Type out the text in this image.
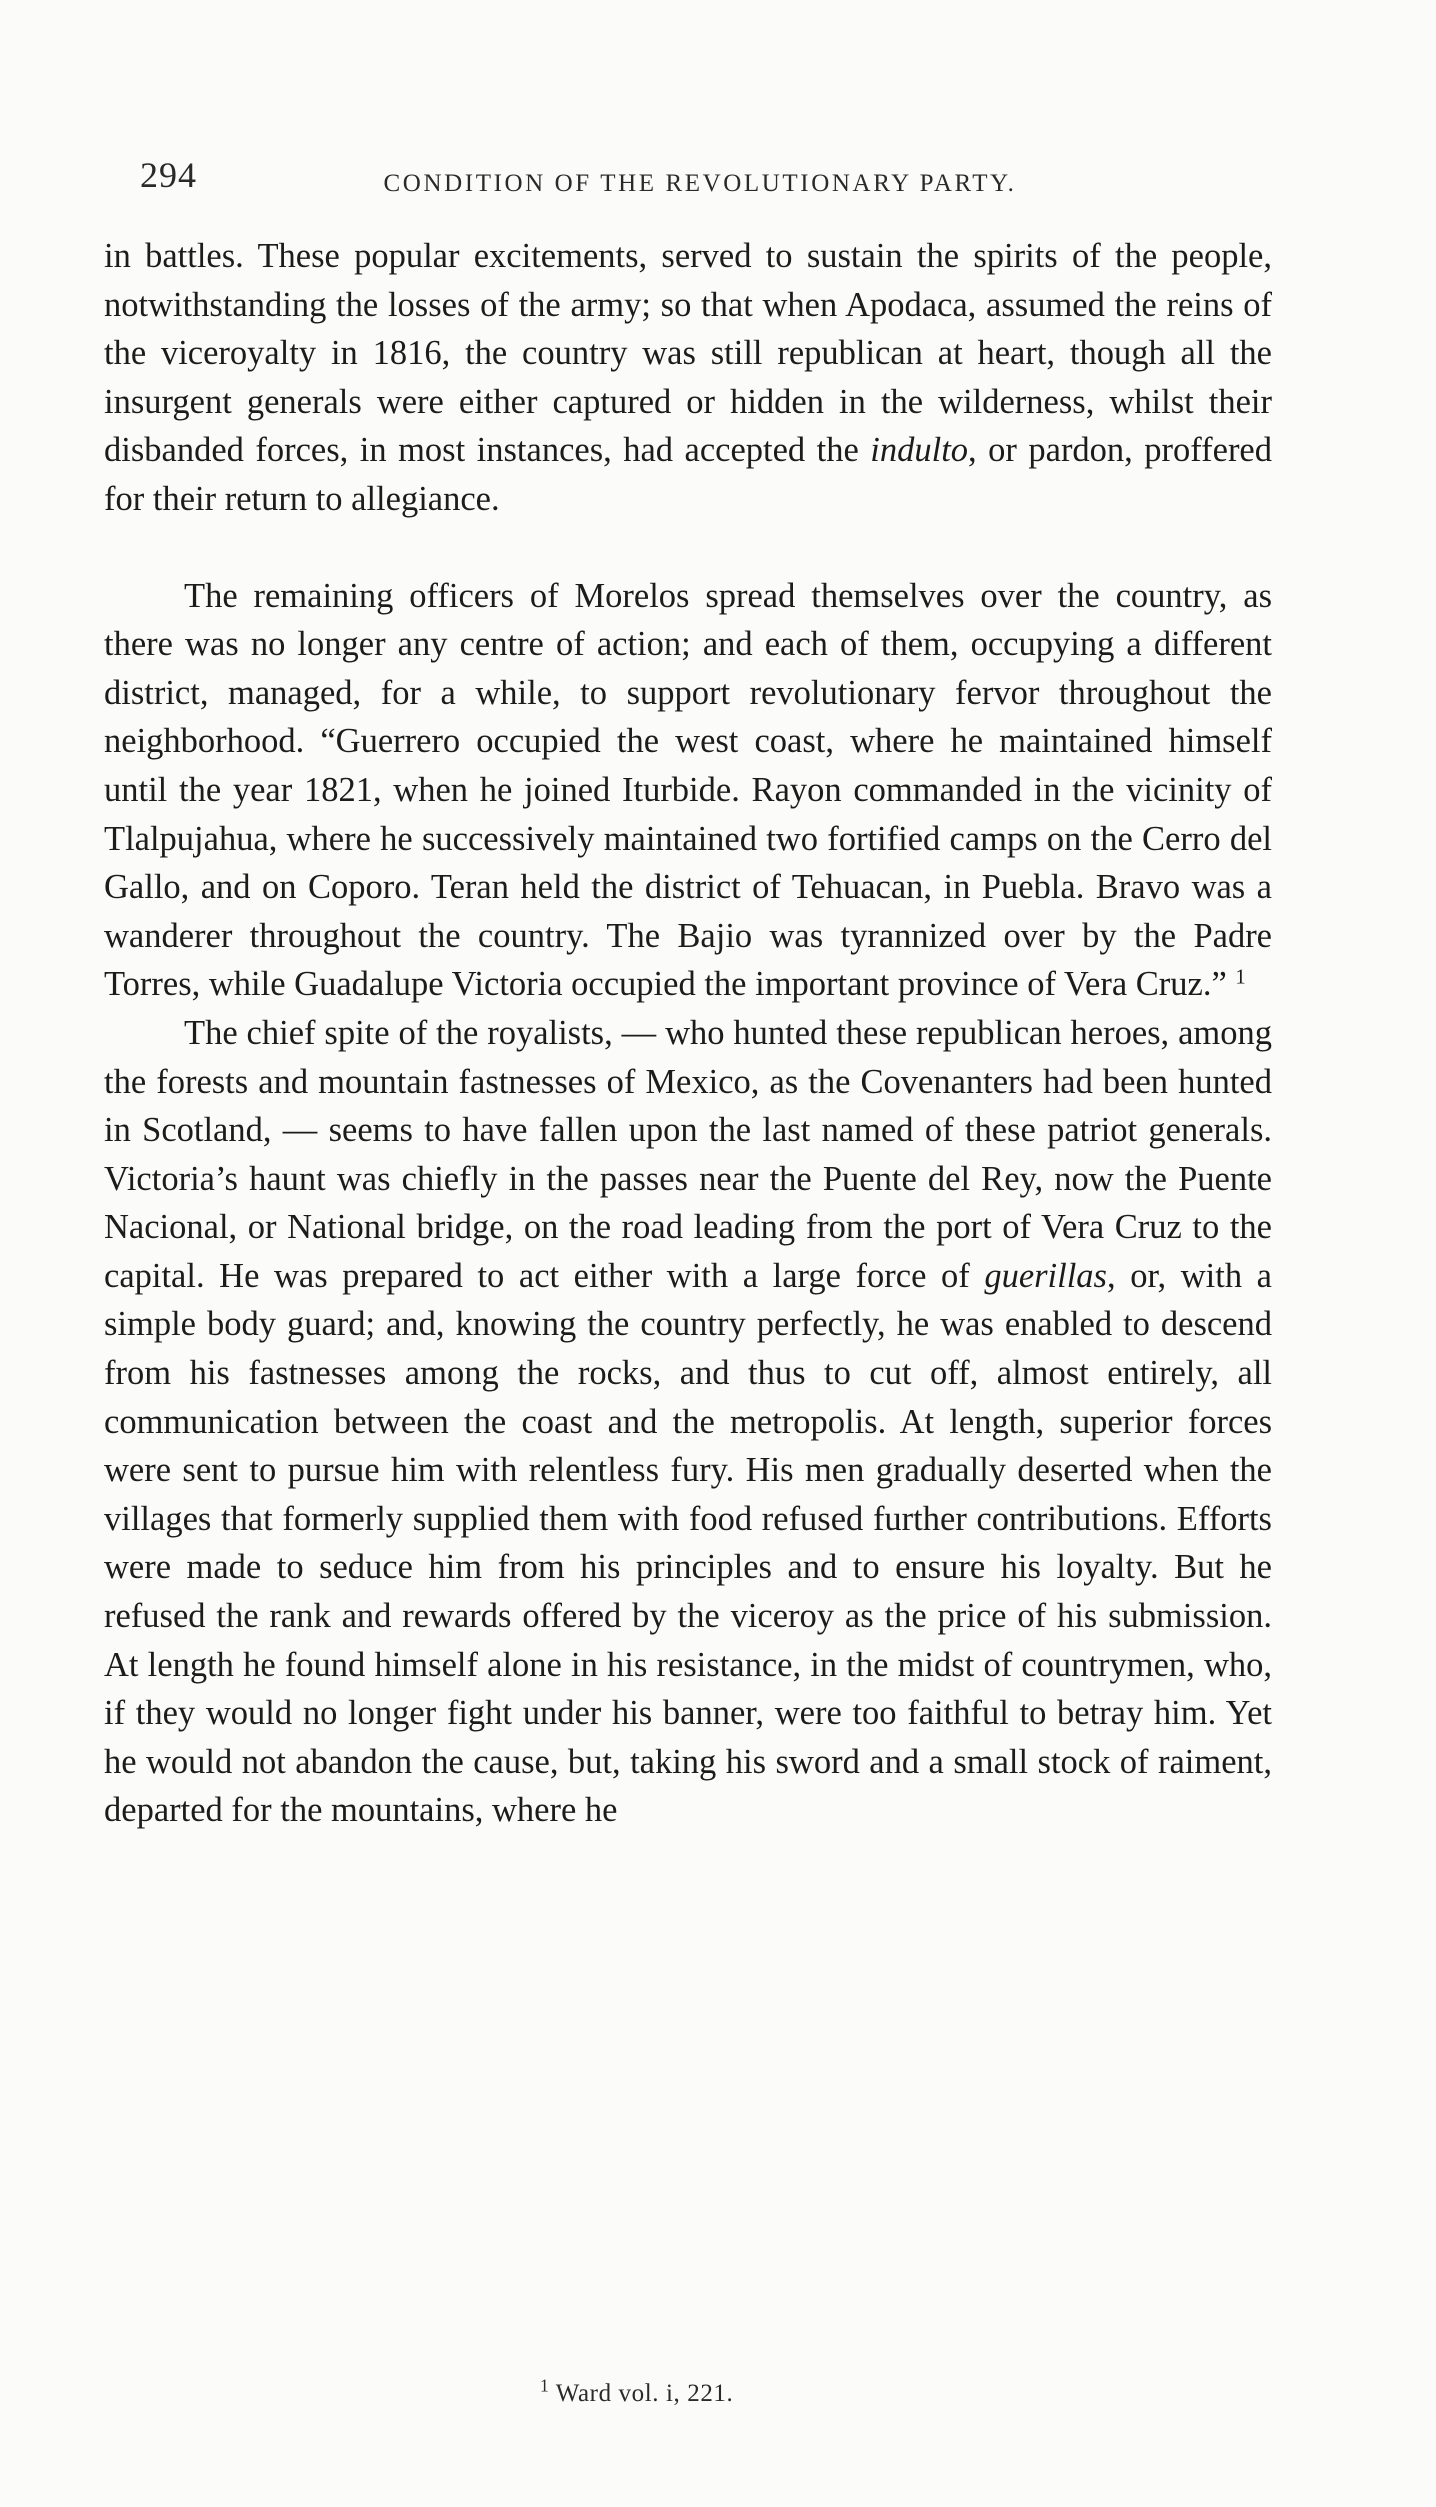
294	CONDITION OF THE REVOLUTIONARY PARTY.

in battles. These popular excitements, served to sustain the spirits of the people, notwithstanding the losses of the army; so that when Apodaca, assumed the reins of the viceroyalty in 1816, the country was still republican at heart, though all the insurgent generals were either captured or hidden in the wilderness, whilst their disbanded forces, in most instances, had accepted the indulto, or pardon, proffered for their return to allegiance.

The remaining officers of Morelos spread themselves over the country, as there was no longer any centre of action; and each of them, occupying a different district, managed, for a while, to support revolutionary fervor throughout the neighborhood. “Guerrero occupied the west coast, where he maintained himself until the year 1821, when he joined Iturbide. Rayon commanded in the vicinity of Tlalpujahua, where he successively maintained two fortified camps on the Cerro del Gallo, and on Coporo. Teran held the district of Tehuacan, in Puebla. Bravo was a wanderer throughout the country. The Bajio was tyrannized over by the Padre Torres, while Guadalupe Victoria occupied the important province of Vera Cruz.” $^1$

The chief spite of the royalists, — who hunted these republican heroes, among the forests and mountain fastnesses of Mexico, as the Covenanters had been hunted in Scotland, — seems to have fallen upon the last named of these patriot generals. Victoria’s haunt was chiefly in the passes near the Puente del Rey, now the Puente Nacional, or National bridge, on the road leading from the port of Vera Cruz to the capital. He was prepared to act either with a large force of guerillas, or, with a simple body guard; and, knowing the country perfectly, he was enabled to descend from his fastnesses among the rocks, and thus to cut off, almost entirely, all communication between the coast and the metropolis. At length, superior forces were sent to pursue him with relentless fury. His men gradually deserted when the villages that formerly supplied them with food refused further contributions. Efforts were made to seduce him from his principles and to ensure his loyalty. But he refused the rank and rewards offered by the viceroy as the price of his submission. At length he found himself alone in his resistance, in the midst of countrymen, who, if they would no longer fight under his banner, were too faithful to betray him. Yet he would not abandon the cause, but, taking his sword and a small stock of raiment, departed for the mountains, where he

$^1$ Ward vol. i, 221.
